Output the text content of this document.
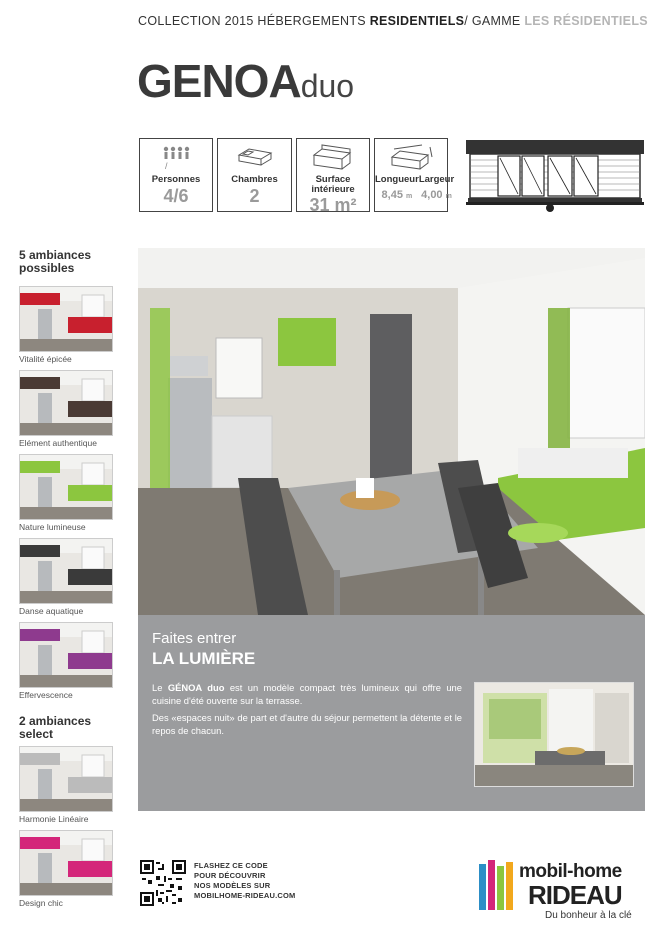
COLLECTION 2015 HÉBERGEMENTS RESIDENTIELS/ GAMME LES RÉSIDENTIELS
GENOAduo
/
Personnes
4/6
Chambres
2
Surface intérieure
31 m²
Longueur
8,45 m
Largeur
4,00 m
5 ambiances possibles
Vitalité épicée
Elément authentique
Nature lumineuse
Danse aquatique
Effervescence
Harmonie Linéaire
Design chic
2 ambiances select
Faites entrer
LA LUMIÈRE

Le GÉNOA duo est un modèle compact très lumineux qui offre une cuisine d'été ouverte sur la terrasse.

Des «espaces nuit» de part et d'autre du séjour permettent la détente et le repos de chacun.

FLASHEZ CE CODE
POUR DÉCOUVRIR
NOS MODÈLES SUR
MOBILHOME-RIDEAU.COM
mobil-home
RIDEAU
Du bonheur à la clé
